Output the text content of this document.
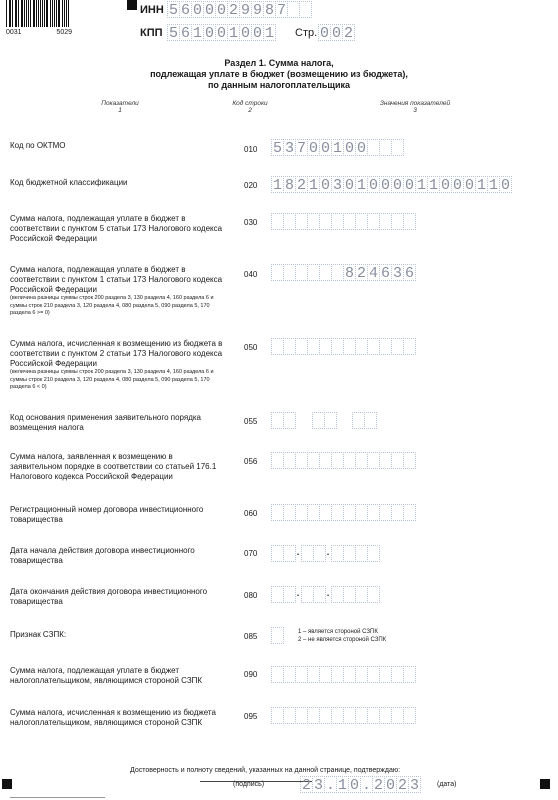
0031	5029
ИНН 5 6 0 0 0 2 9 9 8 7
КПП 5 6 1 0 0 1 0 0 1 Стр. 0 0 2
Раздел 1. Сумма налога,
подлежащая уплате в бюджет (возмещению из бюджета),
по данным налогоплательщика
Показатели
1
Код строки
2
Значения показателей
3
Код по ОКТМО	010	5 3 7 0 0 1 0 0
Код бюджетной классификации	020	1 8 2 1 0 3 0 1 0 0 0 0 1 1 0 0 0 1 1 0
Сумма налога, подлежащая уплате в бюджет в соответствии с пунктом 5 статьи 173 Налогового кодекса Российской Федерации
030
Сумма налога, подлежащая уплате в бюджет в соответствии с пунктом 1 статьи 173 Налогового кодекса Российской Федерации
(величина разницы суммы строк 200 раздела 3, 130 раздела 4, 160 раздела 6 и суммы строк 210 раздела 3, 120 раздела 4, 080 раздела 5, 090 раздела 5, 170 раздела 6 >= 0)
040	8 2 4 6 3 6
Сумма налога, исчисленная к возмещению из бюджета в соответствии с пунктом 2 статьи 173 Налогового кодекса Российской Федерации
(величина разницы суммы строк 200 раздела 3, 130 раздела 4, 160 раздела 6 и суммы строк 210 раздела 3, 120 раздела 4, 080 раздела 5, 090 раздела 5, 170 раздела 6 < 0)
050
Код основания применения заявительного порядка возмещения налога
055
Сумма налога, заявленная к возмещению в заявительном порядке в соответствии со статьей 176.1 Налогового кодекса Российской Федерации
056
Регистрационный номер договора инвестиционного товарищества
060
Дата начала действия договора инвестиционного товарищества
070	· ·
Дата окончания действия договора инвестиционного товарищества
080	· ·
Признак СЗПК:	085	1 – является стороной СЗПК
2 – не является стороной СЗПК
Сумма налога, подлежащая уплате в бюджет налогоплательщиком, являющимся стороной СЗПК
090
Сумма налога, исчисленная к возмещению из бюджета налогоплательщиком, являющимся стороной СЗПК
095
Достоверность и полноту сведений, указанных на данной странице, подтверждаю:
(подпись)	2 3 . 1 0 . 2 0 2 3	(дата)
